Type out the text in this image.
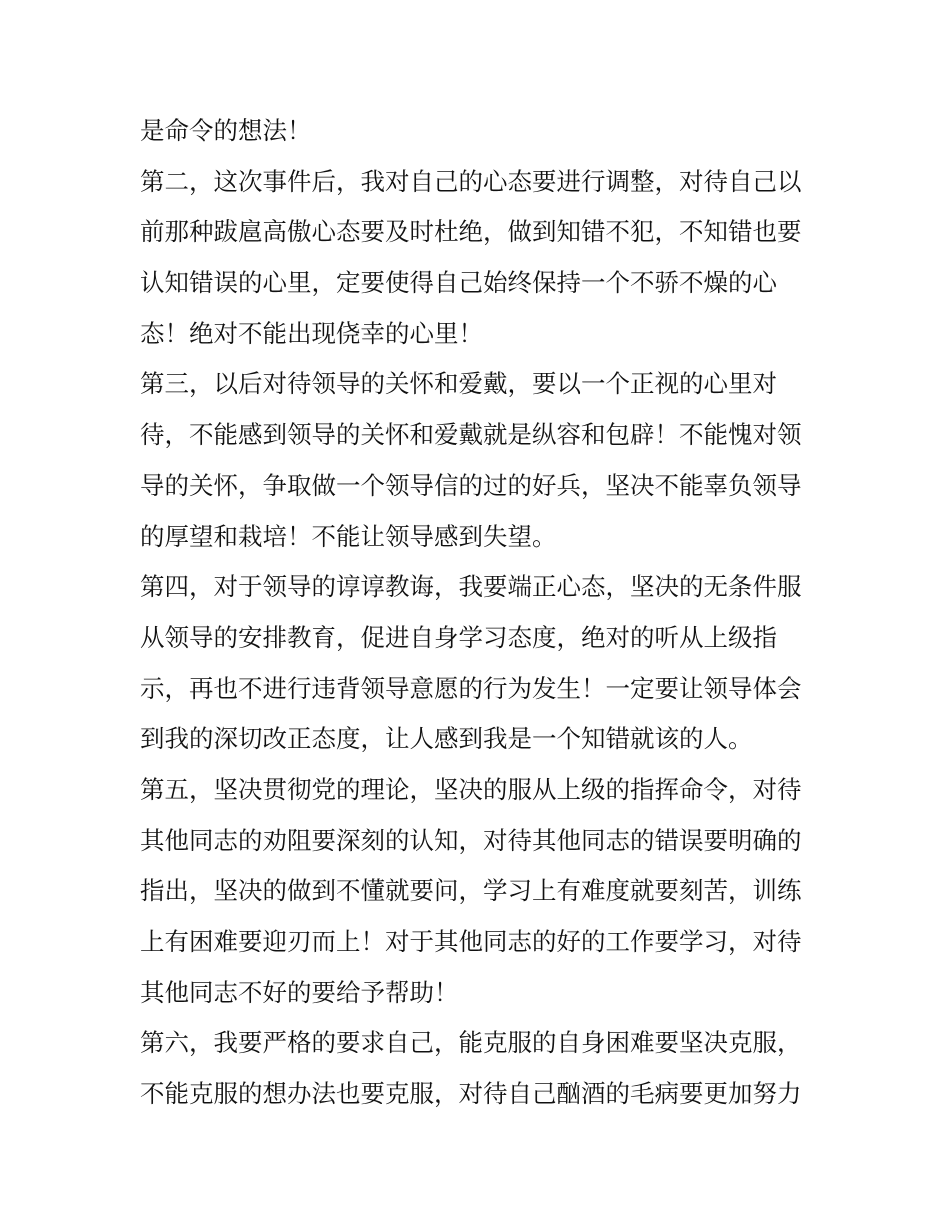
是命令的想法！

第二，这次事件后，我对自己的心态要进行调整，对待自己以

前那种跋扈高傲心态要及时杜绝，做到知错不犯，不知错也要

认知错误的心里，定要使得自己始终保持一个不骄不燥的心

态！绝对不能出现侥幸的心里！

第三，以后对待领导的关怀和爱戴，要以一个正视的心里对

待，不能感到领导的关怀和爱戴就是纵容和包辟！不能愧对领

导的关怀，争取做一个领导信的过的好兵，坚决不能辜负领导

的厚望和栽培！不能让领导感到失望。

第四，对于领导的谆谆教诲，我要端正心态，坚决的无条件服

从领导的安排教育，促进自身学习态度，绝对的听从上级指

示，再也不进行违背领导意愿的行为发生！一定要让领导体会

到我的深切改正态度，让人感到我是一个知错就该的人。

第五，坚决贯彻党的理论，坚决的服从上级的指挥命令，对待

其他同志的劝阻要深刻的认知，对待其他同志的错误要明确的

指出，坚决的做到不懂就要问，学习上有难度就要刻苦，训练

上有困难要迎刃而上！对于其他同志的好的工作要学习，对待

其他同志不好的要给予帮助！

第六，我要严格的要求自己，能克服的自身困难要坚决克服，

不能克服的想办法也要克服，对待自己酗酒的毛病要更加努力
